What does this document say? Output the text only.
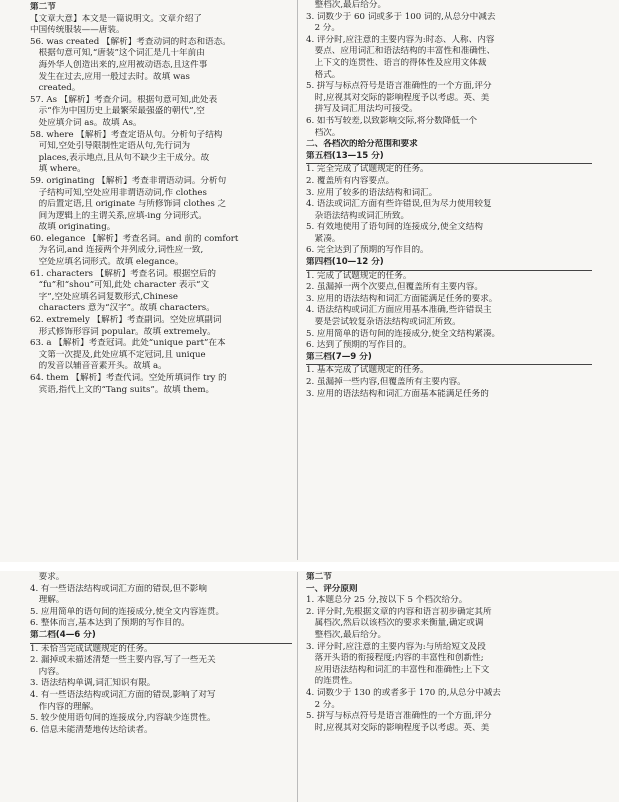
第二节
【文章大意】本文是一篇说明文。文章介绍了
中国传统服装——唐装。
56. was created 【解析】考查动词的时态和语态。
　根据句意可知,“唐装”这个词汇是几十年前由
　海外华人创造出来的,应用被动语态,且这件事
　发生在过去,应用一般过去时。故填 was
　created。
57. As 【解析】考查介词。根据句意可知,此处表
　示“作为中国历史上最繁荣最强盛的朝代”,空
　处应填介词 as。故填 As。
58. where 【解析】考查定语从句。分析句子结构
　可知,空处引导限制性定语从句,先行词为
　places,表示地点,且从句不缺少主干成分。故
　填 where。
59. originating 【解析】考查非谓语动词。分析句
　子结构可知,空处应用非谓语动词,作 clothes
　的后置定语,且 originate 与所修饰词 clothes 之
　间为逻辑上的主谓关系,应填-ing 分词形式。
　故填 originating。
60. elegance 【解析】考查名词。and 前的 comfort
　为名词,and 连接两个并列成分,词性应一致,
　空处应填名词形式。故填 elegance。
61. characters 【解析】考查名词。根据空后的
　“fu”和“shou”可知,此处 character 表示“文
　字”,空处应填名词复数形式,Chinese
　characters 意为“汉字”。故填 characters。
62. extremely 【解析】考查副词。空处应填副词
　形式修饰形容词 popular。故填 extremely。
63. a 【解析】考查冠词。此处“unique part”在本
　文第一次提及,此处应填不定冠词,且 unique
　的发音以辅音音素开头。故填 a。
64. them 【解析】考查代词。空处所填词作 try 的
　宾语,指代上文的“Tang suits”。故填 them。
　整档次,最后给分。
3. 词数少于 60 词或多于 100 词的,从总分中减去
　2 分。
4. 评分时,应注意的主要内容为:时态、人称、内容
　要点、应用词汇和语法结构的丰富性和准确性、
　上下文的连贯性、语言的得体性及应用文体裁
　格式。
5. 拼写与标点符号是语言准确性的一个方面,评分
　时,应视其对交际的影响程度予以考虑。英、美
　拼写及词汇用法均可接受。
6. 如书写较差,以致影响交际,将分数降低一个
　档次。
二、各档次的给分范围和要求
第五档(13—15 分)
1. 完全完成了试题规定的任务。
2. 覆盖所有内容要点。
3. 应用了较多的语法结构和词汇。
4. 语法或词汇方面有些许错误,但为尽力使用较复
　杂语法结构或词汇所致。
5. 有效地使用了语句间的连接成分,使全文结构
　紧凑。
6. 完全达到了预期的写作目的。
第四档(10—12 分)
1. 完成了试题规定的任务。
2. 虽漏掉一两个次要点,但覆盖所有主要内容。
3. 应用的语法结构和词汇方面能满足任务的要求。
4. 语法结构或词汇方面应用基本准确,些许错误主
　要是尝试较复杂语法结构或词汇所致。
5. 应用简单的语句间的连接成分,使全文结构紧凑。
6. 达到了预期的写作目的。
第三档(7—9 分)
1. 基本完成了试题规定的任务。
2. 虽漏掉一些内容,但覆盖所有主要内容。
3. 应用的语法结构和词汇方面基本能满足任务的
　要求。
4. 有一些语法结构或词汇方面的错误,但不影响
　理解。
5. 应用简单的语句间的连接成分,使全文内容连贯。
6. 整体而言,基本达到了预期的写作目的。
第二档(4—6 分)
1. 未恰当完成试题规定的任务。
2. 漏掉或未描述清楚一些主要内容,写了一些无关
　内容。
3. 语法结构单调,词汇知识有限。
4. 有一些语法结构或词汇方面的错误,影响了对写
　作内容的理解。
5. 较少使用语句间的连接成分,内容缺少连贯性。
6. 信息未能清楚地传达给读者。
第二节
一、评分原则
1. 本题总分 25 分,按以下 5 个档次给分。
2. 评分时,先根据文章的内容和语言初步确定其所
　属档次,然后以该档次的要求来衡量,确定或调
　整档次,最后给分。
3. 评分时,应注意的主要内容为:与所给短文及段
　落开头语的衔接程度;内容的丰富性和创新性;
　应用语法结构和词汇的丰富性和准确性;上下文
　的连贯性。
4. 词数少于 130 的或者多于 170 的,从总分中减去
　2 分。
5. 拼写与标点符号是语言准确性的一个方面,评分
　时,应视其对交际的影响程度予以考虑。英、美
